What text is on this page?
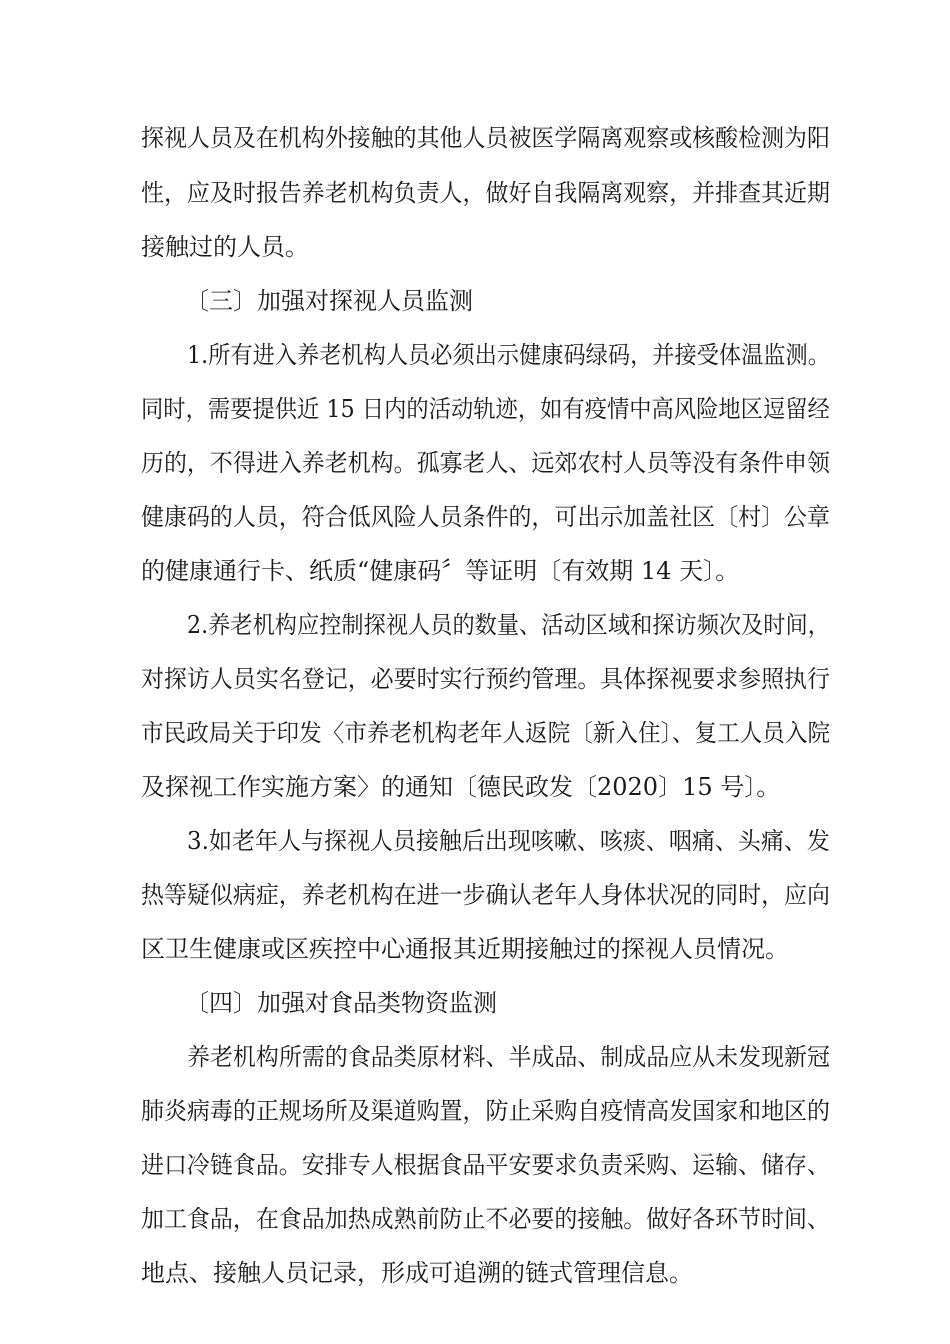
探视人员及在机构外接触的其他人员被医学隔离观察或核酸检测为阳
性，应及时报告养老机构负责人，做好自我隔离观察，并排查其近期
接触过的人员。
〔三〕加强对探视人员监测
1.所有进入养老机构人员必须出示健康码绿码，并接受体温监测。
同时，需要提供近 15 日内的活动轨迹，如有疫情中高风险地区逗留经
历的，不得进入养老机构。孤寡老人、远郊农村人员等没有条件申领
健康码的人员，符合低风险人员条件的，可出示加盖社区〔村〕公章
的健康通行卡、纸质“健康码〞等证明〔有效期 14 天〕。
2.养老机构应控制探视人员的数量、活动区域和探访频次及时间，
对探访人员实名登记，必要时实行预约管理。具体探视要求参照执行
市民政局关于印发〈市养老机构老年人返院〔新入住〕、复工人员入院
及探视工作实施方案〉的通知〔德民政发〔2020〕15 号〕。
3.如老年人与探视人员接触后出现咳嗽、咳痰、咽痛、头痛、发
热等疑似病症，养老机构在进一步确认老年人身体状况的同时，应向
区卫生健康或区疾控中心通报其近期接触过的探视人员情况。
〔四〕加强对食品类物资监测
养老机构所需的食品类原材料、半成品、制成品应从未发现新冠
肺炎病毒的正规场所及渠道购置，防止采购自疫情高发国家和地区的
进口冷链食品。安排专人根据食品平安要求负责采购、运输、储存、
加工食品，在食品加热成熟前防止不必要的接触。做好各环节时间、
地点、接触人员记录，形成可追溯的链式管理信息。
